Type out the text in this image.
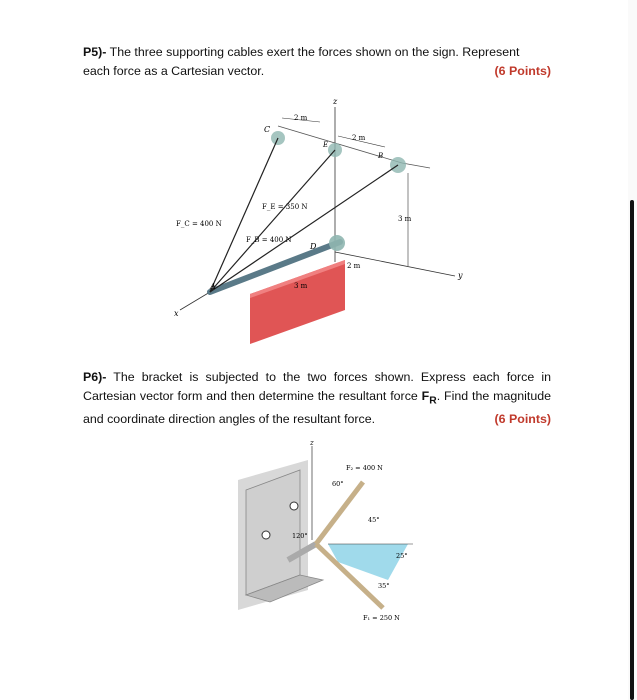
P5)- The three supporting cables exert the forces shown on the sign. Represent
each force as a Cartesian vector.	(6 Points)
z
y
x
2 m
2 m
C
E
B
3 m
D
2 m
A
F_E = 350 N
F_C = 400 N
F_B = 400 N
3 m
P6)- The bracket is subjected to the two forces shown. Express each force in Cartesian vector form and then determine the resultant force $F_R$. Find the magnitude and coordinate direction angles of the resultant force.	(6 Points)
z
F₂ = 400 N
60°
45°
120°
25°
35°
F₁ = 250 N
